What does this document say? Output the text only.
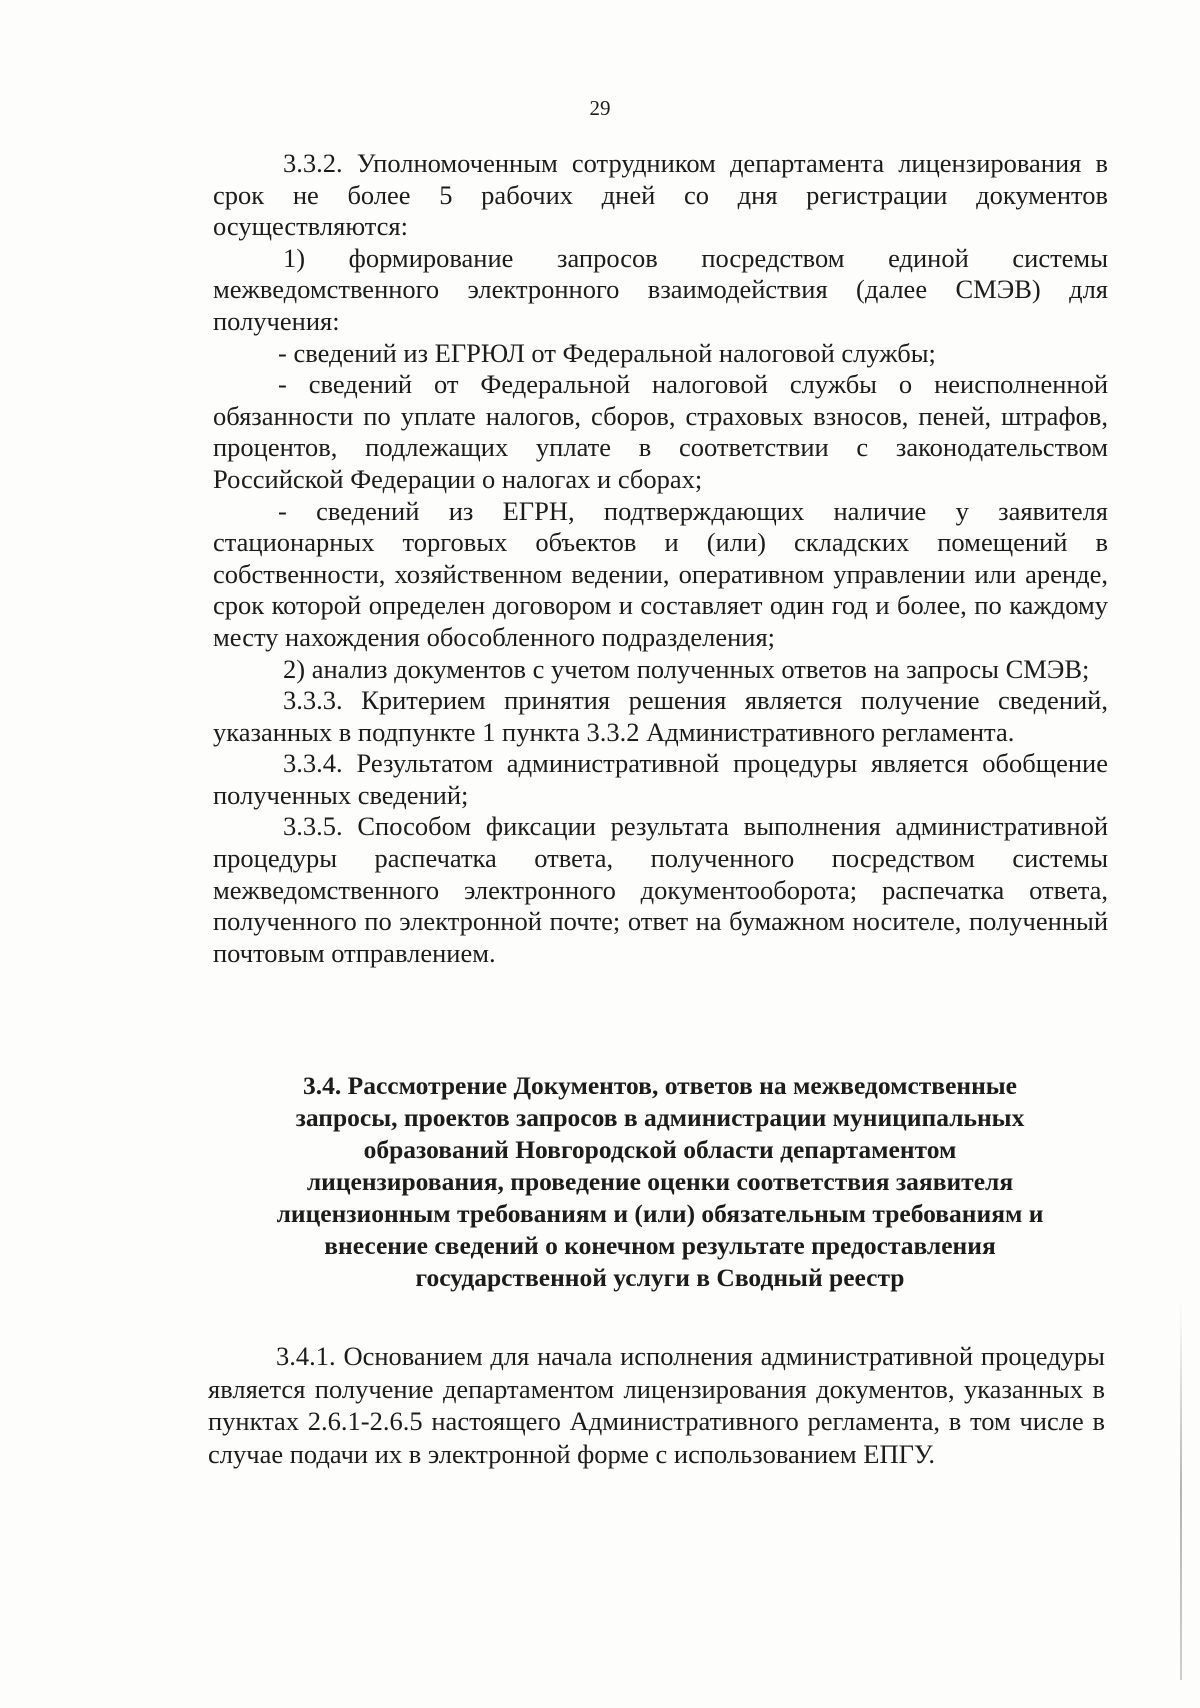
29

3.3.2. Уполномоченным сотрудником департамента лицензирования в срок не более 5 рабочих дней со дня регистрации документов осуществляются:

1) формирование запросов посредством единой системы межведомственного электронного взаимодействия (далее СМЭВ) для получения:

- сведений из ЕГРЮЛ от Федеральной налоговой службы;

- сведений от Федеральной налоговой службы о неисполненной обязанности по уплате налогов, сборов, страховых взносов, пеней, штрафов, процентов, подлежащих уплате в соответствии с законодательством Российской Федерации о налогах и сборах;

- сведений из ЕГРН, подтверждающих наличие у заявителя стационарных торговых объектов и (или) складских помещений в собственности, хозяйственном ведении, оперативном управлении или аренде, срок которой определен договором и составляет один год и более, по каждому месту нахождения обособленного подразделения;

2) анализ документов с учетом полученных ответов на запросы СМЭВ;

3.3.3. Критерием принятия решения является получение сведений, указанных в подпункте 1 пункта 3.3.2 Административного регламента.

3.3.4. Результатом административной процедуры является обобщение полученных сведений;

3.3.5. Способом фиксации результата выполнения административной процедуры распечатка ответа, полученного посредством системы межведомственного электронного документооборота; распечатка ответа, полученного по электронной почте; ответ на бумажном носителе, полученный почтовым отправлением.

3.4. Рассмотрение Документов, ответов на межведомственные
запросы, проектов запросов в администрации муниципальных
образований Новгородской области департаментом
лицензирования, проведение оценки соответствия заявителя
лицензионным требованиям и (или) обязательным требованиям и
внесение сведений о конечном результате предоставления
государственной услуги в Сводный реестр

3.4.1. Основанием для начала исполнения административной процедуры является получение департаментом лицензирования документов, указанных в пунктах 2.6.1-2.6.5 настоящего Административного регламента, в том числе в случае подачи их в электронной форме с использованием ЕПГУ.
